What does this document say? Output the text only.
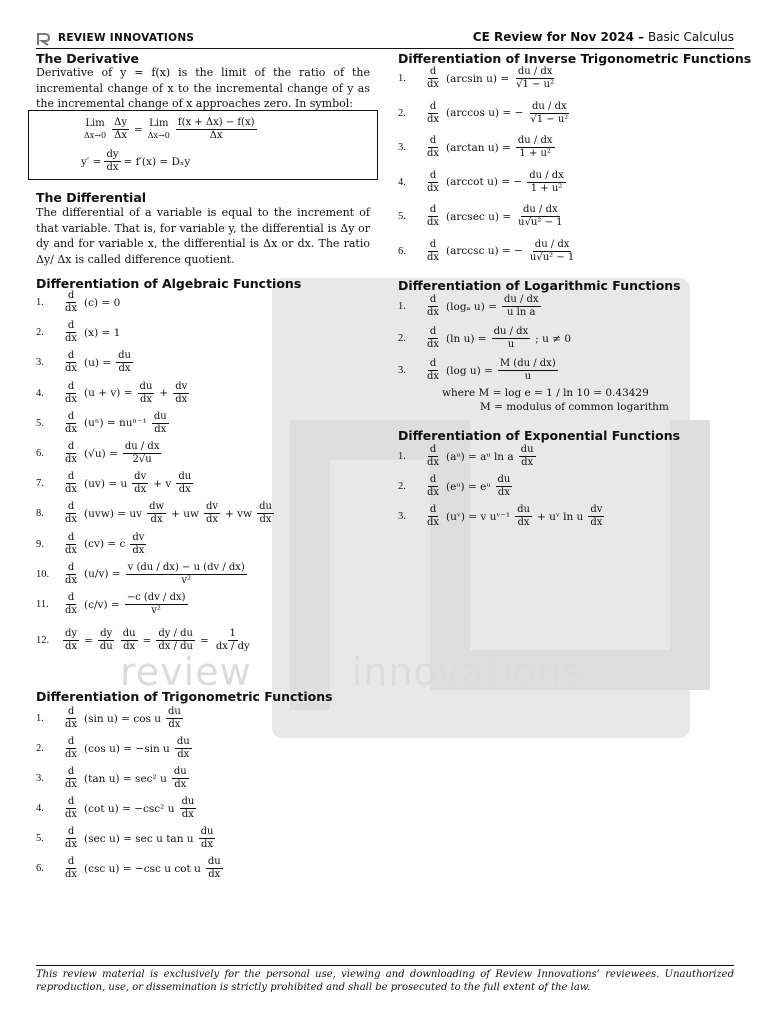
review	innovations
REVIEW INNOVATIONS	CE Review for Nov 2024 – Basic Calculus
The Derivative
Derivative of y = f(x) is the limit of the ratio of the incremental change of x to the incremental change of y as the incremental change of x approaches zero. In symbol:
Lim
$\Delta x\to 0 \frac{\Delta y}{\Delta x}$ =
Lim
$\Delta x\to 0 \frac{f(x + \Delta x) - f(x)}{\Delta x}$
$y' = \frac{dy}{dx} = f'(x) = D_xy$
The Differential
The differential of a variable is equal to the increment of that variable. That is, for variable y, the differential is Δy or dy and for variable x, the differential is Δx or dx. The ratio Δy/ Δx is called difference quotient.
Differentiation of Algebraic Functions
1.	$\frac{d}{dx} (c) = 0$
2.	$\frac{d}{dx} (x) = 1$
3.	$\frac{d}{dx} (u) = \frac{du}{dx}$
4.	$\frac{d}{dx} (u + v) = \frac{du}{dx} + \frac{dv}{dx}$
5.	$\frac{d}{dx} (u^n) = nu^{n-1} \frac{du}{dx}$
6.	$\frac{d}{dx} (√u) = \frac{du / dx}{2√u}$
7.	$\frac{d}{dx} (uv) = u \frac{dv}{dx} + v \frac{du}{dx}$
8.	$\frac{d}{dx} (uvw)$ = uv $\frac{dw}{dx}$ + uw $\frac{dv}{dx}$ + vw $\frac{du}{dx}$
9.	$\frac{d}{dx} (cv) = c \frac{dv}{dx}$
10.	$\frac{d}{dx} (u/v) = \frac{v (du / dx) - u (dv / dx)}{\text{v²}}$
11.	$\frac{d}{dx} (c/v) = \frac{-c (dv / dx)}{\text{v²}}$
12.	$\frac{dy}{dx} = \frac{dy}{du} \frac{du}{dx} = \frac{dy / du}{dx / du} = \frac{1}{dx / dy}$
Differentiation of Trigonometric Functions
1.	$\frac{d}{dx} (\sin$ u) = cos u $\frac{du}{dx}$
2.	$\frac{d}{dx} (\cos$ u) = −sin u $\frac{du}{dx}$
3.	$\frac{d}{dx} (\tan$ u) = sec² u $\frac{du}{dx}$
4.	$\frac{d}{dx} (\cot$ u) = −csc² u $\frac{du}{dx}$
5.	$\frac{d}{dx} (\sec$ u) = sec u tan u $\frac{du}{dx}$
6.	$\frac{d}{dx} (\csc$ u) = −csc u cot u $\frac{du}{dx}$
Differentiation of Inverse Trigonometric Functions
1.	$\frac{d}{dx} (\arcsin$ $u) = \frac{du / dx}{\text{√1 − u²}}$
2.	$\frac{d}{dx} (\arccos$ u) = − $\frac{du / dx}{\text{√1 − u²}}$
3.	$\frac{d}{dx} (\arctan$ $u) = \frac{du / dx}{\text{1 + u²}}$
4.	$\frac{d}{dx} (arccot$ u) = − $\frac{du / dx}{\text{1 + u²}}$
5.	$\frac{d}{dx} (arcsec$ $u) = \frac{du / dx}{\text{u√u² − 1}}$
6.	$\frac{d}{dx} (arccsc$ u) = − $\frac{du / dx}{\text{u√u² − 1}}$
Differentiation of Logarithmic Functions
1.	$\frac{d}{dx} (\log_a$ $u) = \frac{du / dx}{\text{u ln a}}$
2.	$\frac{d}{dx} (\ln$ $u) = \frac{du / dx}{u}$ ; u ≠ 0
3.	$\frac{d}{dx} (\log$ $u) = \frac{M (du / dx)}{u}$
where M = log e = 1 / ln 10 = 0.43429
M = modulus of common logarithm
Differentiation of Exponential Functions
1.	$\frac{d}{dx}$ (aᵘ) = aᵘ ln a $\frac{du}{dx}$
2.	$\frac{d}{dx}$ (eᵘ) = eᵘ $\frac{du}{dx}$
3.	$\frac{d}{dx}$ (uᵛ) = v uᵛ⁻¹ $\frac{du}{dx}$ + uᵛ ln u $\frac{dv}{dx}$
This review material is exclusively for the personal use, viewing and downloading of Review Innovations’ reviewees. Unauthorized reproduction, use, or dissemination is strictly prohibited and shall be prosecuted to the full extent of the law.
